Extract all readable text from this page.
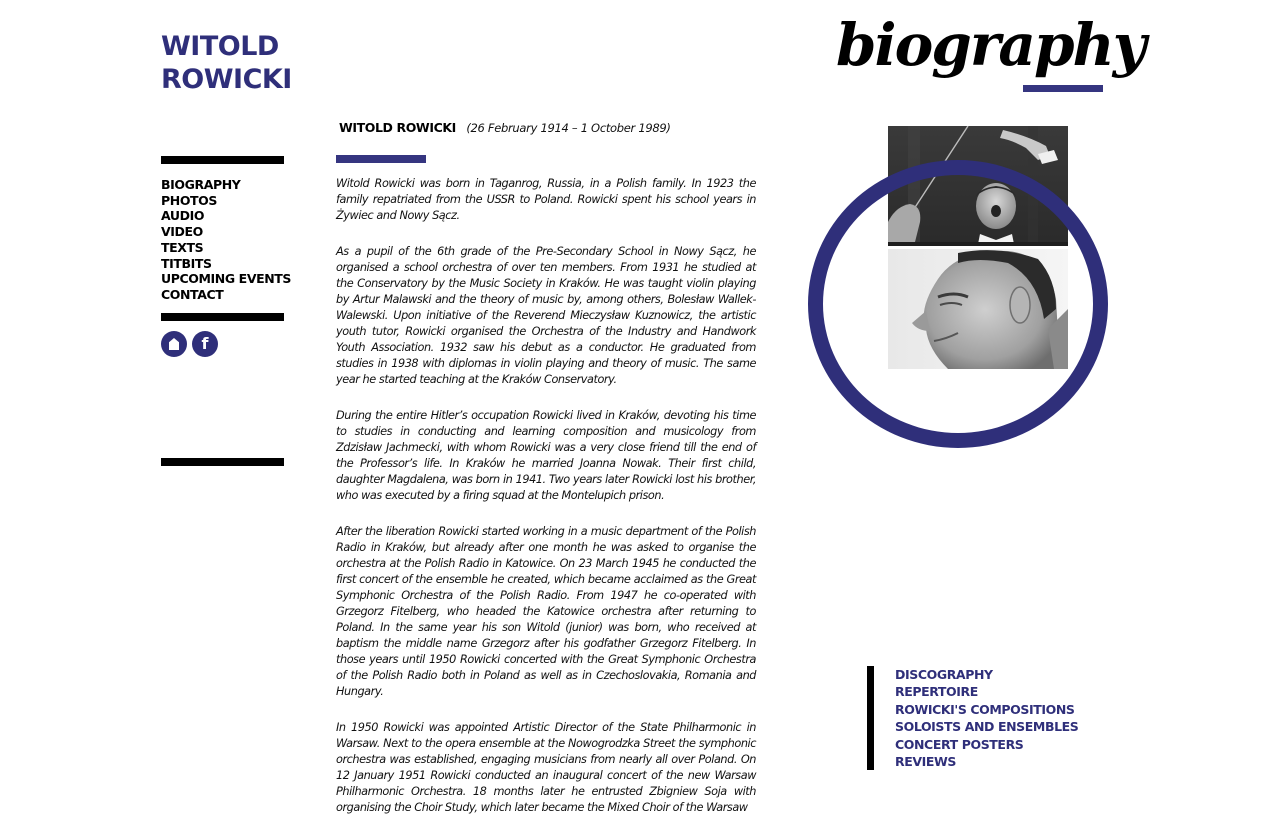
WITOLD
ROWICKI
BIOGRAPHY
PHOTOS
AUDIO
VIDEO
TEXTS
TITBITS
UPCOMING EVENTS
CONTACT
f
WITOLD ROWICKI (26 February 1914 – 1 October 1989)

Witold Rowicki was born in Taganrog, Russia, in a Polish family. In 1923 the family repatriated from the USSR to Poland. Rowicki spent his school years in Żywiec and Nowy Sącz.

As a pupil of the 6th grade of the Pre-Secondary School in Nowy Sącz, he organised a school orchestra of over ten members. From 1931 he studied at the Conservatory by the Music Society in Kraków. He was taught violin playing by Artur Malawski and the theory of music by, among others, Bolesław Wallek-Walewski. Upon initiative of the Reverend Mieczysław Kuznowicz, the artistic youth tutor, Rowicki organised the Orchestra of the Industry and Handwork Youth Association. 1932 saw his debut as a conductor. He graduated from studies in 1938 with diplomas in violin playing and theory of music. The same year he started teaching at the Kraków Conservatory.

During the entire Hitler’s occupation Rowicki lived in Kraków, devoting his time to studies in conducting and learning composition and musicology from Zdzisław Jachmecki, with whom Rowicki was a very close friend till the end of the Professor’s life. In Kraków he married Joanna Nowak. Their first child, daughter Magdalena, was born in 1941. Two years later Rowicki lost his brother, who was executed by a firing squad at the Montelupich prison.

After the liberation Rowicki started working in a music department of the Polish Radio in Kraków, but already after one month he was asked to organise the orchestra at the Polish Radio in Katowice. On 23 March 1945 he conducted the first concert of the ensemble he created, which became acclaimed as the Great Symphonic Orchestra of the Polish Radio. From 1947 he co-operated with Grzegorz Fitelberg, who headed the Katowice orchestra after returning to Poland. In the same year his son Witold (junior) was born, who received at baptism the middle name Grzegorz after his godfather Grzegorz Fitelberg. In those years until 1950 Rowicki concerted with the Great Symphonic Orchestra of the Polish Radio both in Poland as well as in Czechoslovakia, Romania and Hungary.

In 1950 Rowicki was appointed Artistic Director of the State Philharmonic in Warsaw. Next to the opera ensemble at the Nowogrodzka Street the symphonic orchestra was established, engaging musicians from nearly all over Poland. On 12 January 1951 Rowicki conducted an inaugural concert of the new Warsaw Philharmonic Orchestra. 18 months later he entrusted Zbigniew Soja with organising the Choir Study, which later became the Mixed Choir of the Warsaw

biography
DISCOGRAPHY
REPERTOIRE
ROWICKI'S COMPOSITIONS
SOLOISTS AND ENSEMBLES
CONCERT POSTERS
REVIEWS
